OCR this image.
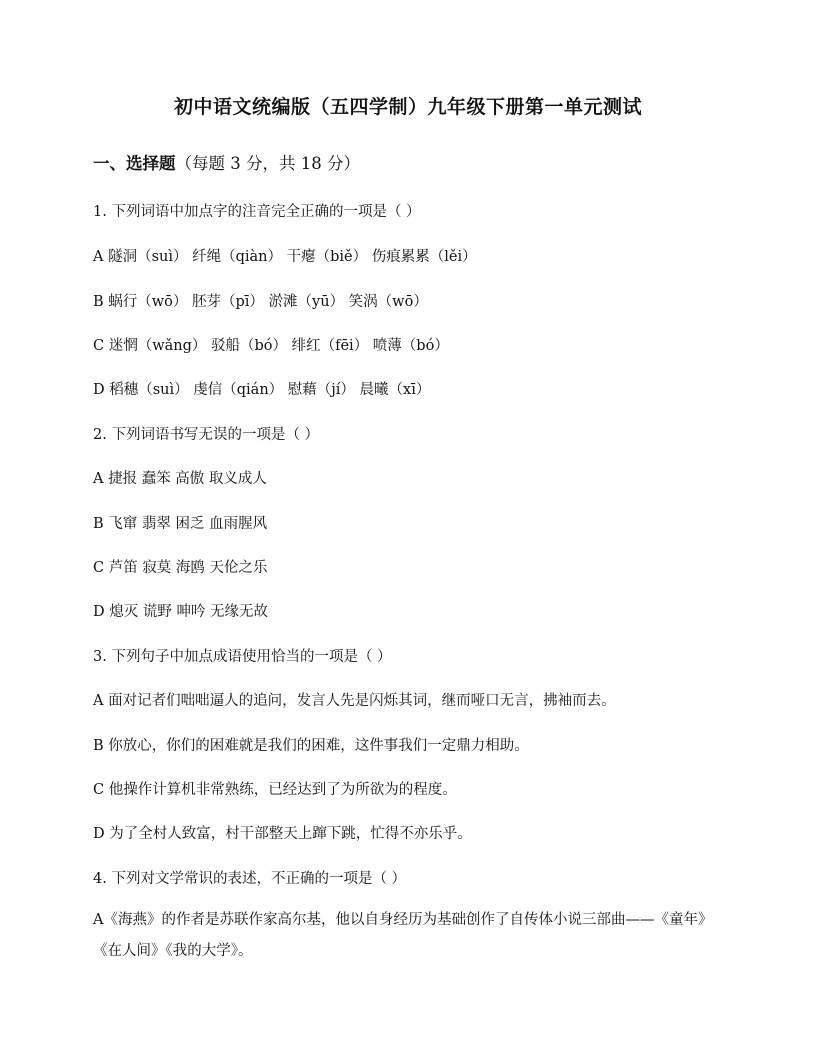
初中语文统编版（五四学制）九年级下册第一单元测试
一、选择题（每题 3 分，共 18 分）
1. 下列词语中加点字的注音完全正确的一项是（ ）
A 隧洞（suì） 纤绳（qiàn） 干瘪（biě） 伤痕累累（lěi）
B 蜗行（wō） 胚芽（pī） 淤滩（yū） 笑涡（wō）
C 迷惘（wǎng） 驳船（bó） 绯红（fēi） 喷薄（bó）
D 稻穗（suì） 虔信（qián） 慰藉（jí） 晨曦（xī）
2. 下列词语书写无误的一项是（ ）
A 捷报 蠢笨 高傲 取义成人
B 飞窜 翡翠 困乏 血雨腥风
C 芦笛 寂莫 海鸥 天伦之乐
D 熄灭 谎野 呻吟 无缘无故
3. 下列句子中加点成语使用恰当的一项是（ ）
A 面对记者们咄咄逼人的追问，发言人先是闪烁其词，继而哑口无言，拂袖而去。
B 你放心，你们的困难就是我们的困难，这件事我们一定鼎力相助。
C 他操作计算机非常熟练，已经达到了为所欲为的程度。
D 为了全村人致富，村干部整天上蹿下跳，忙得不亦乐乎。
4. 下列对文学常识的表述，不正确的一项是（ ）
A《海燕》的作者是苏联作家高尔基，他以自身经历为基础创作了自传体小说三部曲——《童年》《在人间》《我的大学》。
